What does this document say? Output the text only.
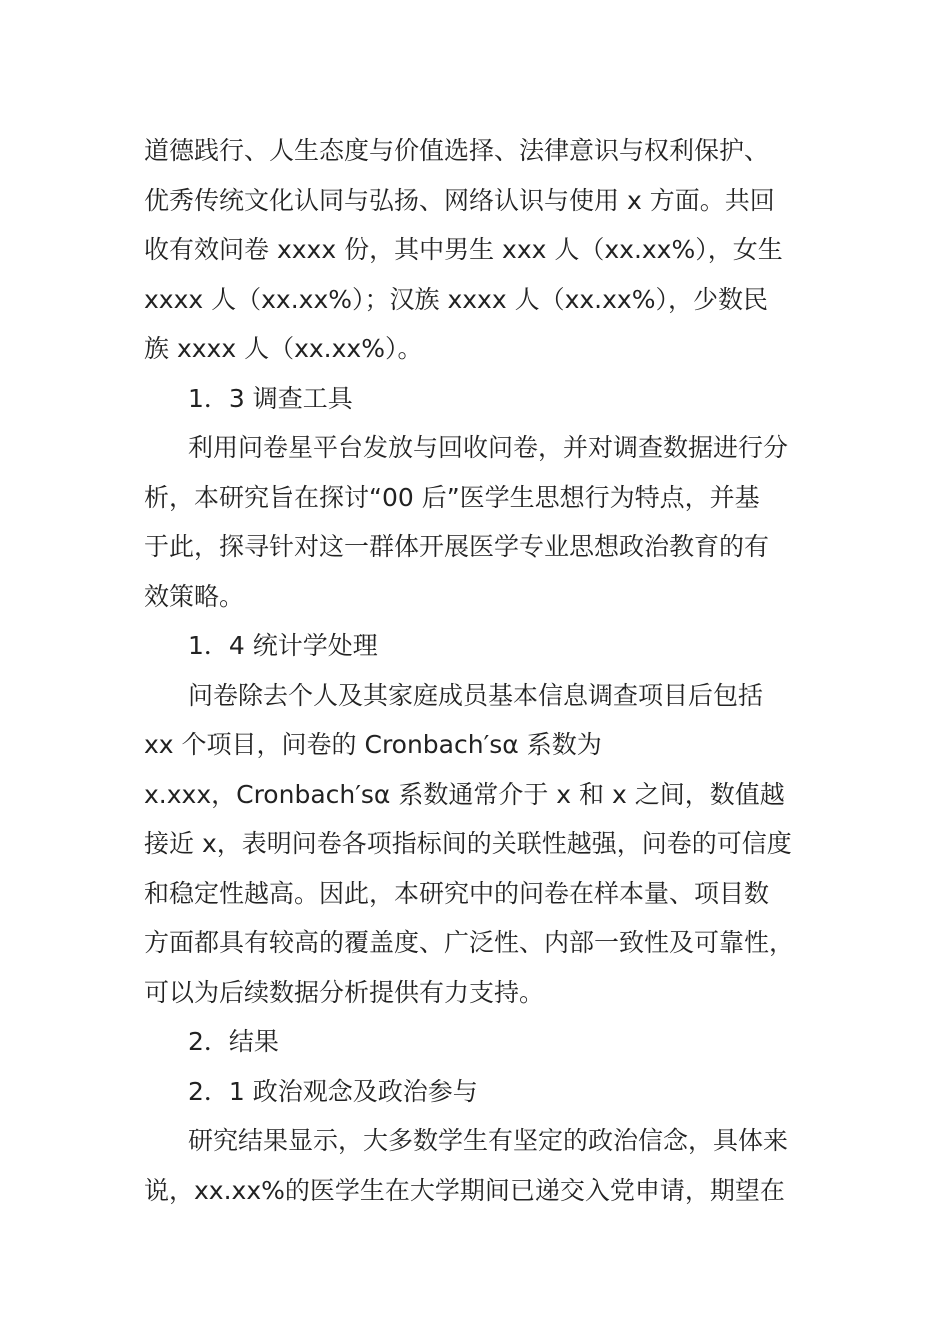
道德践行、人生态度与价值选择、法律意识与权利保护、
优秀传统文化认同与弘扬、网络认识与使用 x 方面。共回
收有效问卷 xxxx 份，其中男生 xxx 人（xx.xx%），女生
xxxx 人（xx.xx%）；汉族 xxxx 人（xx.xx%），少数民
族 xxxx 人（xx.xx%）。
1．3 调查工具
利用问卷星平台发放与回收问卷，并对调查数据进行分
析，本研究旨在探讨“00 后”医学生思想行为特点，并基
于此，探寻针对这一群体开展医学专业思想政治教育的有
效策略。
1．4 统计学处理
问卷除去个人及其家庭成员基本信息调查项目后包括
xx 个项目，问卷的 Cronbach′sα 系数为
x.xxx，Cronbach′sα 系数通常介于 x 和 x 之间，数值越
接近 x，表明问卷各项指标间的关联性越强，问卷的可信度
和稳定性越高。因此，本研究中的问卷在样本量、项目数
方面都具有较高的覆盖度、广泛性、内部一致性及可靠性，
可以为后续数据分析提供有力支持。
2．结果
2．1 政治观念及政治参与
研究结果显示，大多数学生有坚定的政治信念，具体来
说，xx.xx%的医学生在大学期间已递交入党申请，期望在
